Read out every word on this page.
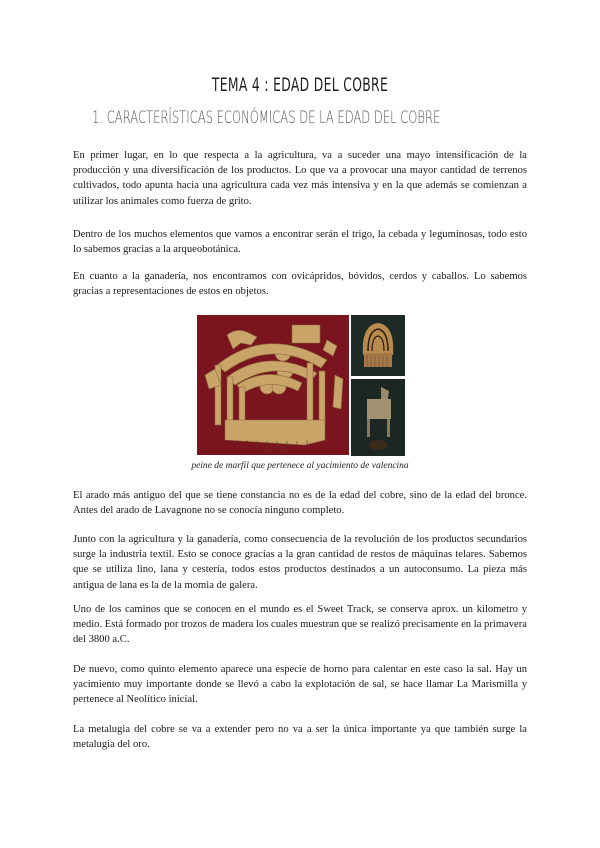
TEMA 4 : EDAD DEL COBRE
1. CARACTERÍSTICAS ECONÓMICAS DE LA EDAD DEL COBRE

En primer lugar, en lo que respecta a la agricultura, va a suceder una mayo intensificación de la producción y una diversificación de los productos. Lo que va a provocar una mayor cantidad de terrenos cultivados, todo apunta hacia una agricultura cada vez más intensiva y en la que además se comienzan a utilizar los animales como fuerza de grito.

Dentro de los muchos elementos que vamos a encontrar serán el trigo, la cebada y leguminosas, todo esto lo sabemos gracias a la arqueobotánica.

En cuanto a la ganadería, nos encontramos con ovicápridos, bóvidos, cerdos y caballos. Lo sabemos gracias a representaciones de estos en objetos.

peine de marfil que pertenece al yacimiento de valencina

El arado más antiguo del que se tiene constancia no es de la edad del cobre, sino de la edad del bronce. Antes del arado de Lavagnone no se conocía ninguno completo.

Junto con la agricultura y la ganadería, como consecuencia de la revolución de los productos secundarios surge la industria textil. Esto se conoce gracias a la gran cantidad de restos de máquinas telares. Sabemos que se utiliza lino, lana y cestería, todos estos productos destinados a un autoconsumo. La pieza más antigua de lana es la de la momia de galera.

Uno de los caminos que se conocen en el mundo es el Sweet Track, se conserva aprox. un kilometro y medio. Está formado por trozos de madera los cuales muestran que se realizó precisamente en la primavera del 3800 a.C.

De nuevo, como quinto elemento aparece una especie de horno para calentar en este caso la sal. Hay un yacimiento muy importante donde se llevó a cabo la explotación de sal, se hace llamar La Marismilla y pertenece al Neolítico inicial.

La metalugia del cobre se va a extender pero no va a ser la única importante ya que también surge la metalugia del oro.
